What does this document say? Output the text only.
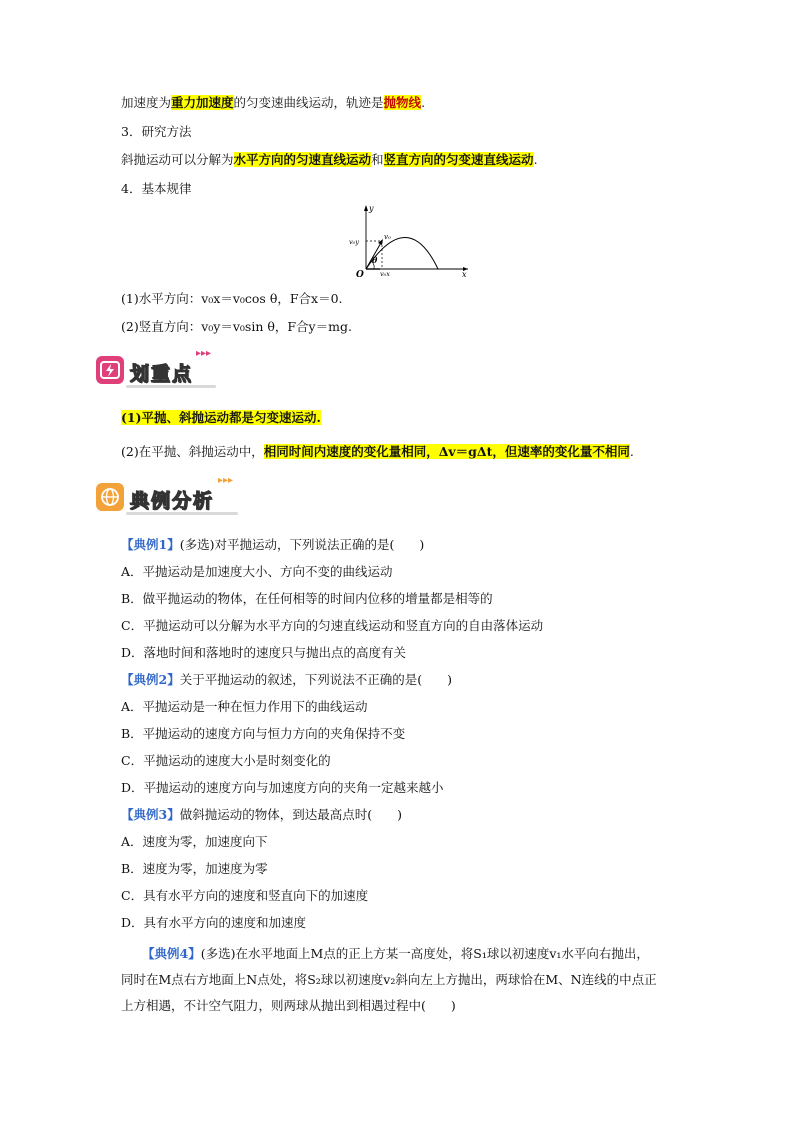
加速度为重力加速度的匀变速曲线运动，轨迹是抛物线.
3．研究方法
斜抛运动可以分解为水平方向的匀速直线运动和竖直方向的匀变速直线运动.
4．基本规律
y
x
O
v₀y
v₀
θ
v₀x
(1)水平方向：v₀x＝v₀cos θ，F合x＝0.
(2)竖直方向：v₀y＝v₀sin θ，F合y＝mg.
划重点
▸▸▸
(1)平抛、斜抛运动都是匀变速运动.
(2)在平抛、斜抛运动中，相同时间内速度的变化量相同，Δv＝gΔt，但速率的变化量不相同.
典例分析
▸▸▸
【典例1】(多选)对平抛运动，下列说法正确的是(　　)
A．平抛运动是加速度大小、方向不变的曲线运动
B．做平抛运动的物体，在任何相等的时间内位移的增量都是相等的
C．平抛运动可以分解为水平方向的匀速直线运动和竖直方向的自由落体运动
D．落地时间和落地时的速度只与抛出点的高度有关
【典例2】关于平抛运动的叙述，下列说法不正确的是(　　)
A．平抛运动是一种在恒力作用下的曲线运动
B．平抛运动的速度方向与恒力方向的夹角保持不变
C．平抛运动的速度大小是时刻变化的
D．平抛运动的速度方向与加速度方向的夹角一定越来越小
【典例3】做斜抛运动的物体，到达最高点时(　　)
A．速度为零，加速度向下
B．速度为零，加速度为零
C．具有水平方向的速度和竖直向下的加速度
D．具有水平方向的速度和加速度
【典例4】(多选)在水平地面上M点的正上方某一高度处，将S₁球以初速度v₁水平向右抛出，
同时在M点右方地面上N点处，将S₂球以初速度v₂斜向左上方抛出，两球恰在M、N连线的中点正
上方相遇，不计空气阻力，则两球从抛出到相遇过程中(　　)
